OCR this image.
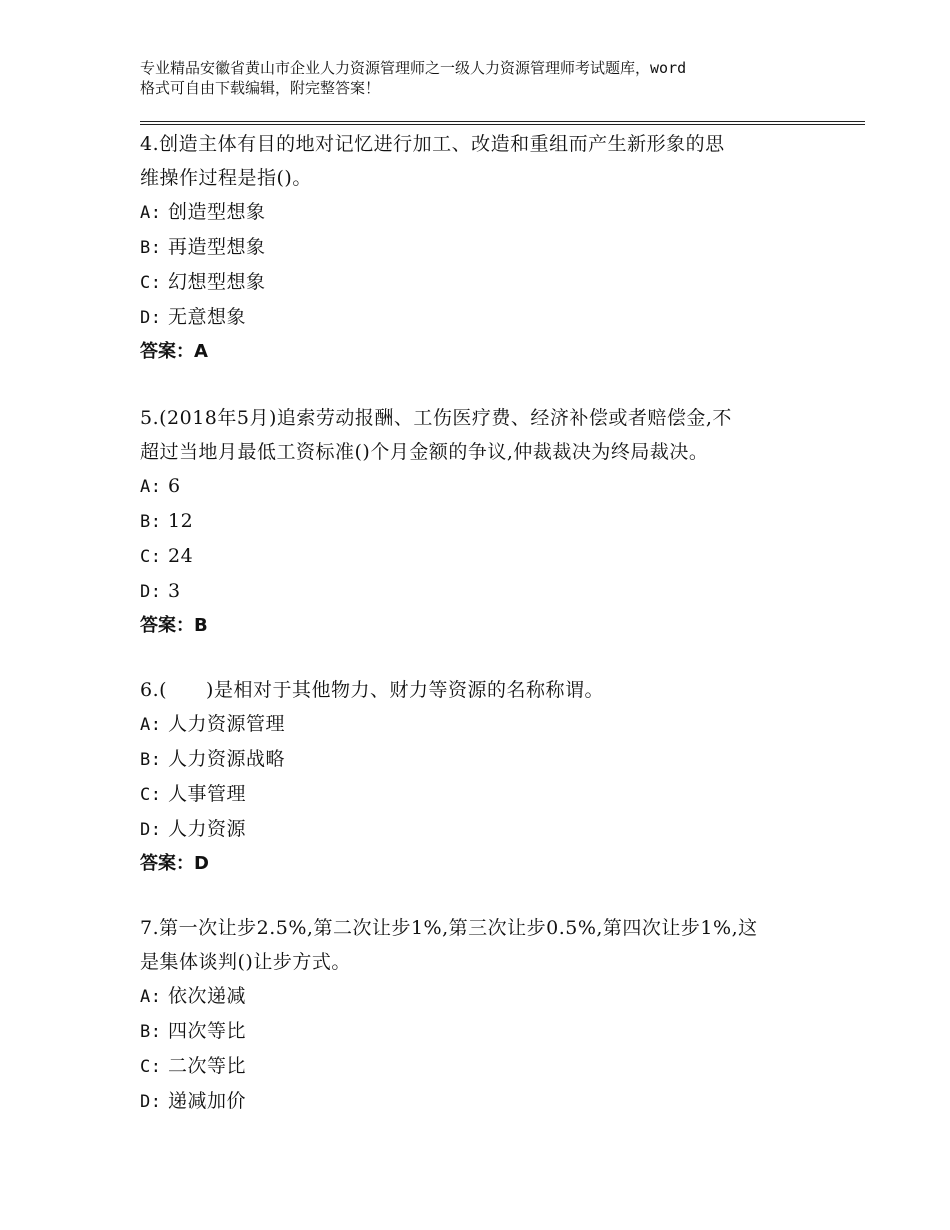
专业精品安徽省黄山市企业人力资源管理师之一级人力资源管理师考试题库，word
格式可自由下载编辑，附完整答案！
4.创造主体有目的地对记忆进行加工、改造和重组而产生新形象的思
维操作过程是指()。
A: 创造型想象
B: 再造型想象
C: 幻想型想象
D: 无意想象
答案：A
5.(2018年5月)追索劳动报酬、工伤医疗费、经济补偿或者赔偿金,不
超过当地月最低工资标准()个月金额的争议,仲裁裁决为终局裁决。
A: 6
B: 12
C: 24
D: 3
答案：B
6.(　　)是相对于其他物力、财力等资源的名称称谓。
A: 人力资源管理
B: 人力资源战略
C: 人事管理
D: 人力资源
答案：D
7.第一次让步2.5%,第二次让步1%,第三次让步0.5%,第四次让步1%,这
是集体谈判()让步方式。
A: 依次递减
B: 四次等比
C: 二次等比
D: 递减加价
